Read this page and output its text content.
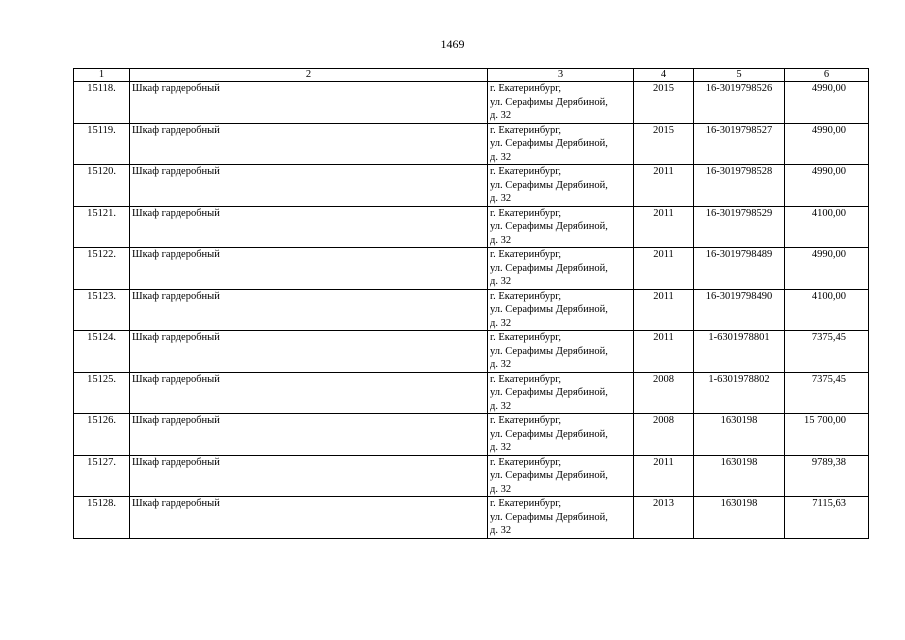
1469
1	2	3	4	5	6
15118.	Шкаф гардеробный	г. Екатеринбург,
ул. Серафимы Дерябиной,
д. 32	2015	16-3019798526	4990,00
15119.	Шкаф гардеробный	г. Екатеринбург,
ул. Серафимы Дерябиной,
д. 32	2015	16-3019798527	4990,00
15120.	Шкаф гардеробный	г. Екатеринбург,
ул. Серафимы Дерябиной,
д. 32	2011	16-3019798528	4990,00
15121.	Шкаф гардеробный	г. Екатеринбург,
ул. Серафимы Дерябиной,
д. 32	2011	16-3019798529	4100,00
15122.	Шкаф гардеробный	г. Екатеринбург,
ул. Серафимы Дерябиной,
д. 32	2011	16-3019798489	4990,00
15123.	Шкаф гардеробный	г. Екатеринбург,
ул. Серафимы Дерябиной,
д. 32	2011	16-3019798490	4100,00
15124.	Шкаф гардеробный	г. Екатеринбург,
ул. Серафимы Дерябиной,
д. 32	2011	1-6301978801	7375,45
15125.	Шкаф гардеробный	г. Екатеринбург,
ул. Серафимы Дерябиной,
д. 32	2008	1-6301978802	7375,45
15126.	Шкаф гардеробный	г. Екатеринбург,
ул. Серафимы Дерябиной,
д. 32	2008	1630198	15 700,00
15127.	Шкаф гардеробный	г. Екатеринбург,
ул. Серафимы Дерябиной,
д. 32	2011	1630198	9789,38
15128.	Шкаф гардеробный	г. Екатеринбург,
ул. Серафимы Дерябиной,
д. 32	2013	1630198	7115,63
